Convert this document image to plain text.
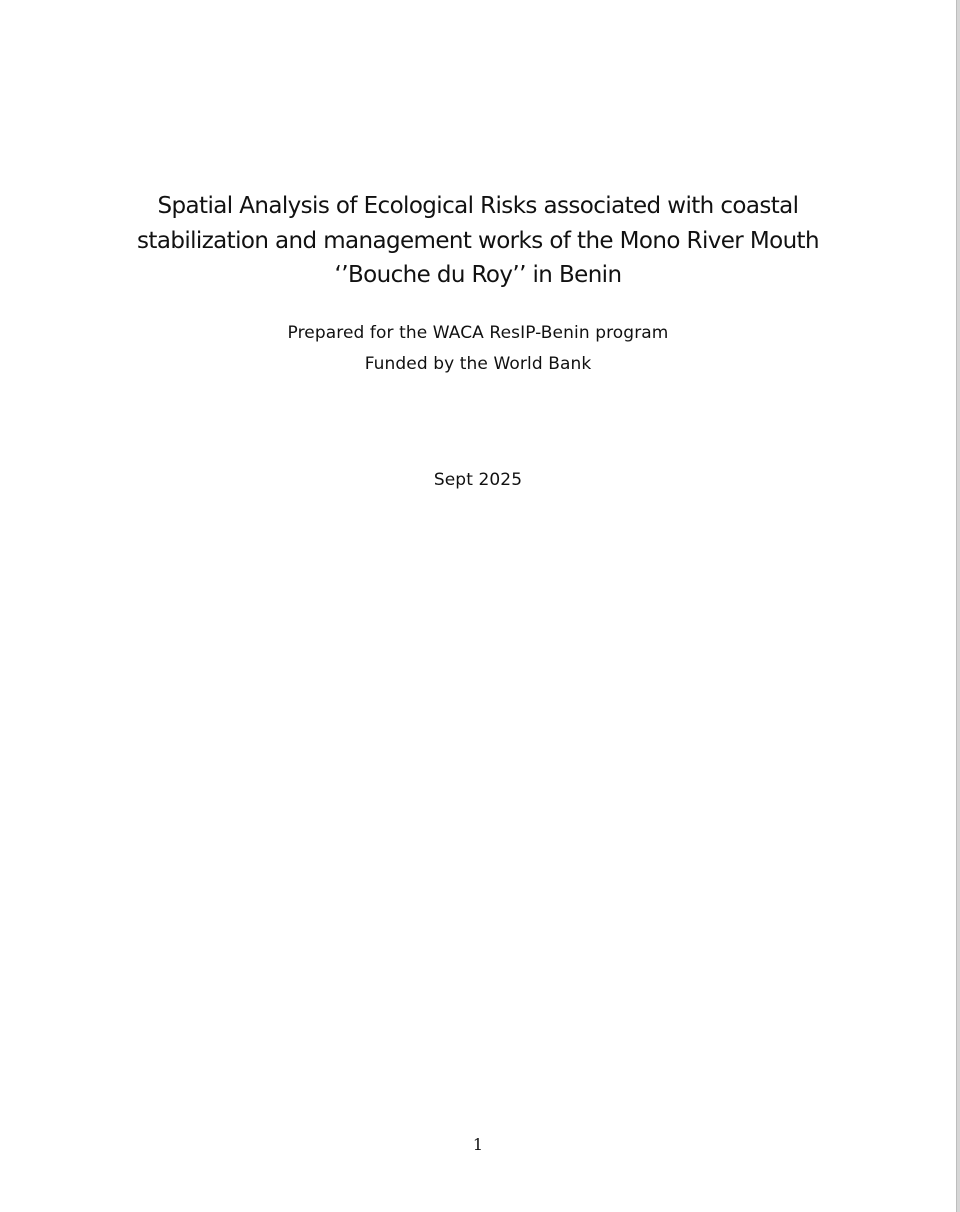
Spatial Analysis of Ecological Risks associated with coastal
stabilization and management works of the Mono River Mouth
‘’Bouche du Roy’’ in Benin
Prepared for the WACA ResIP-Benin program
Funded by the World Bank
Sept 2025
1
